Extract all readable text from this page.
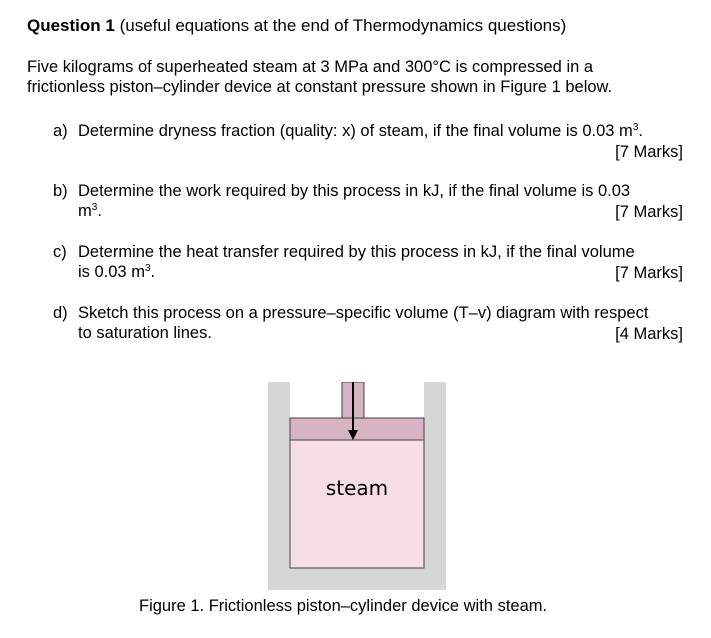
Question 1 (useful equations at the end of Thermodynamics questions)
Five kilograms of superheated steam at 3 MPa and 300°C is compressed in a
frictionless piston–cylinder device at constant pressure shown in Figure 1 below.
a) Determine dryness fraction (quality: x) of steam, if the final volume is 0.03 $m^3$.
[7 Marks]
b) Determine the work required by this process in kJ, if the final volume is 0.03
$m^3$.	[7 Marks]
c) Determine the heat transfer required by this process in kJ, if the final volume
is 0.03 $m^3$.	[7 Marks]
d) Sketch this process on a pressure–specific volume (T–v) diagram with respect
to saturation lines.	[4 Marks]
steam
Figure 1. Frictionless piston–cylinder device with steam.
